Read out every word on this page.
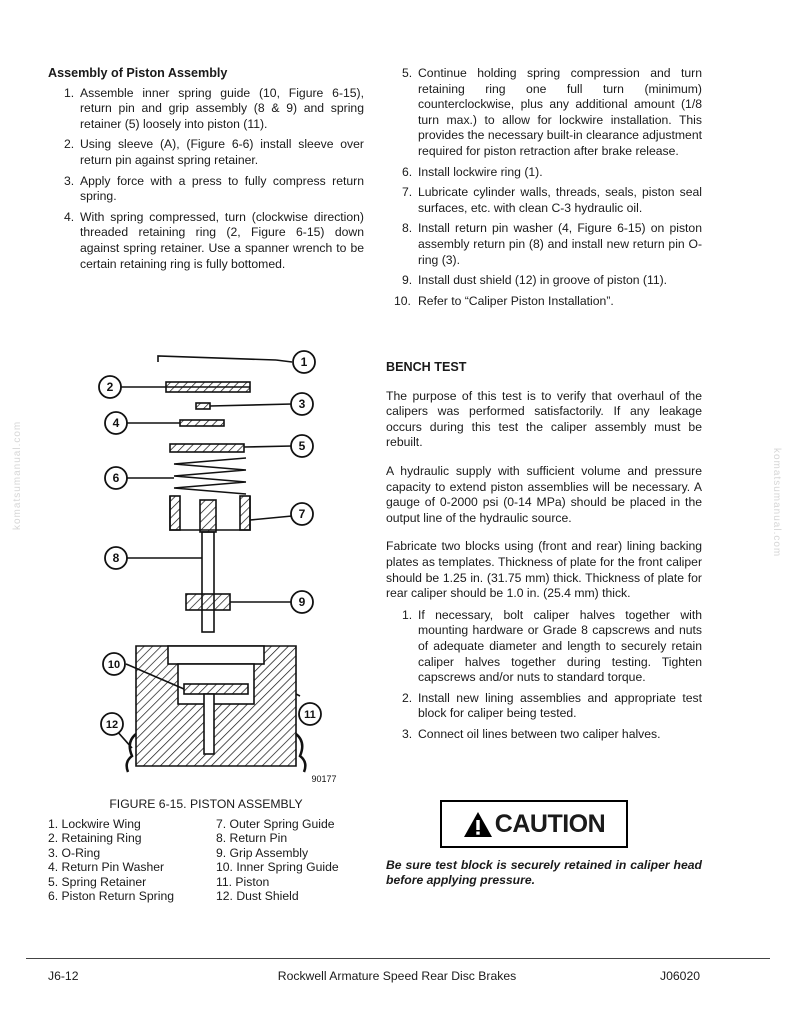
komatsumanual.com	komatsumanual.com
Assembly of Piston Assembly
1. Assemble inner spring guide (10, Figure 6-15), return pin and grip assembly (8 & 9) and spring retainer (5) loosely into piston (11).
2. Using sleeve (A), (Figure 6-6) install sleeve over return pin against spring retainer.
3. Apply force with a press to fully compress return spring.
4. With spring compressed, turn (clockwise direction) threaded retaining ring (2, Figure 6-15) down against spring retainer. Use a spanner wrench to be certain retaining ring is fully bottomed.
5. Continue holding spring compression and turn retaining ring one full turn (minimum) counterclockwise, plus any additional amount (1/8 turn max.) to allow for lockwire installation. This provides the necessary built-in clearance adjustment required for piston retraction after brake release.
6. Install lockwire ring (1).
7. Lubricate cylinder walls, threads, seals, piston seal surfaces, etc. with clean C-3 hydraulic oil.
8. Install return pin washer (4, Figure 6-15) on piston assembly return pin (8) and install new return pin O-ring (3).
9. Install dust shield (12) in groove of piston (11).
10. Refer to “Caliper Piston Installation”.
BENCH TEST

The purpose of this test is to verify that overhaul of the calipers was performed satisfactorily. If any leakage occurs during this test the caliper assembly must be rebuilt.

A hydraulic supply with sufficient volume and pressure capacity to extend piston assemblies will be necessary. A gauge of 0-2000 psi (0-14 MPa) should be placed in the output line of the hydraulic source.

Fabricate two blocks using (front and rear) lining backing plates as templates. Thickness of plate for the front caliper should be 1.25 in. (31.75 mm) thick. Thickness of plate for rear caliper should be 1.0 in. (25.4 mm) thick.

1. If necessary, bolt caliper halves together with mounting hardware or Grade 8 capscrews and nuts of adequate diameter and length to securely retain caliper halves together during testing. Tighten capscrews and/or nuts to standard torque.
2. Install new lining assemblies and appropriate test block for caliper being tested.
3. Connect oil lines between two caliper halves.
1
2
3
4
5
6
7
8
9
10
11
12
90177
FIGURE 6-15. PISTON ASSEMBLY
1. Lockwire Wing	7. Outer Spring Guide
2. Retaining Ring	8. Return Pin
3. O-Ring	9. Grip Assembly
4. Return Pin Washer	10. Inner Spring Guide
5. Spring Retainer	11. Piston
6. Piston Return Spring	12. Dust Shield
CAUTION
Be sure test block is securely retained in caliper head before applying pressure.
J6-12	Rockwell Armature Speed Rear Disc Brakes	J06020
